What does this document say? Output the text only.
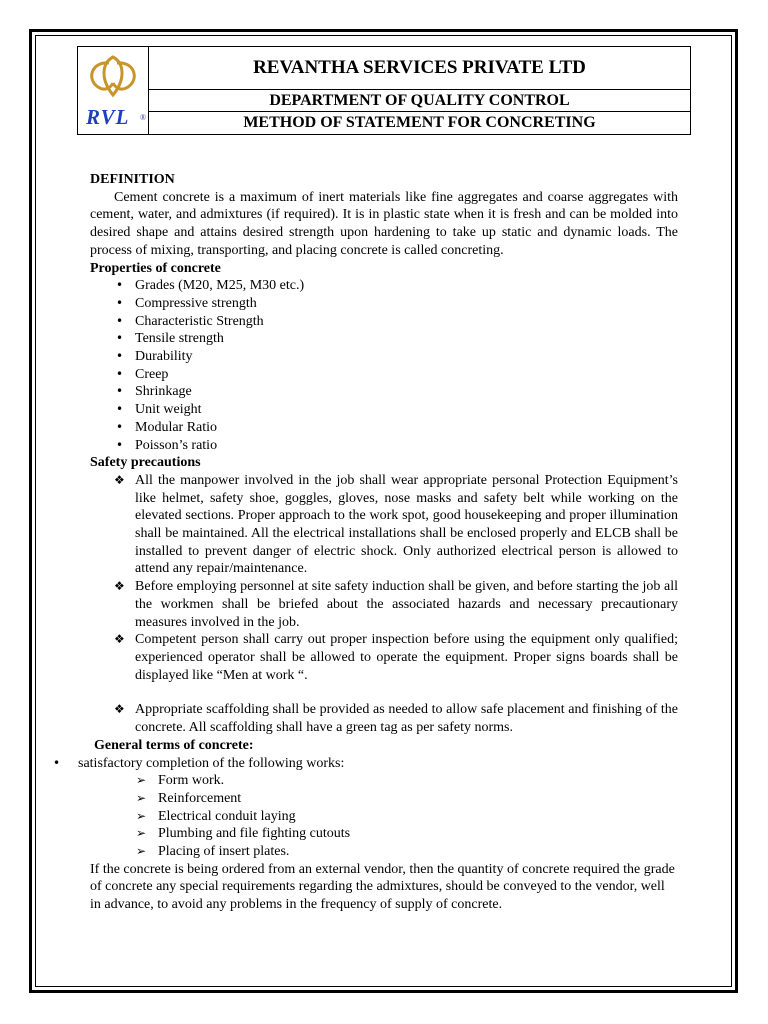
RVL ®
REVANTHA SERVICES PRIVATE LTD
DEPARTMENT OF QUALITY CONTROL
METHOD OF STATEMENT FOR CONCRETING

DEFINITION

Cement concrete is a maximum of inert materials like fine aggregates and coarse aggregates with cement, water, and admixtures (if required). It is in plastic state when it is fresh and can be molded into desired shape and attains desired strength upon hardening to take up static and dynamic loads. The process of mixing, transporting, and placing concrete is called concreting.

Properties of concrete

• Grades (M20, M25, M30 etc.)
• Compressive strength
• Characteristic Strength
• Tensile strength
• Durability
• Creep
• Shrinkage
• Unit weight
• Modular Ratio
• Poisson’s ratio

Safety precautions

❖ All the manpower involved in the job shall wear appropriate personal Protection Equipment’s like helmet, safety shoe, goggles, gloves, nose masks and safety belt while working on the elevated sections. Proper approach to the work spot, good housekeeping and proper illumination shall be maintained. All the electrical installations shall be enclosed properly and ELCB shall be installed to prevent danger of electric shock. Only authorized electrical person is allowed to attend any repair/maintenance.
❖ Before employing personnel at site safety induction shall be given, and before starting the job all the workmen shall be briefed about the associated hazards and necessary precautionary measures involved in the job.
❖ Competent person shall carry out proper inspection before using the equipment only qualified; experienced operator shall be allowed to operate the equipment. Proper signs boards shall be displayed like “Men at work “.
❖ Appropriate scaffolding shall be provided as needed to allow safe placement and finishing of the concrete. All scaffolding shall have a green tag as per safety norms.

General terms of concrete:

• satisfactory completion of the following works:
➢ Form work.
➢ Reinforcement
➢ Electrical conduit laying
➢ Plumbing and file fighting cutouts
➢ Placing of insert plates.

If the concrete is being ordered from an external vendor, then the quantity of concrete required the grade of concrete any special requirements regarding the admixtures, should be conveyed to the vendor, well in advance, to avoid any problems in the frequency of supply of concrete.
